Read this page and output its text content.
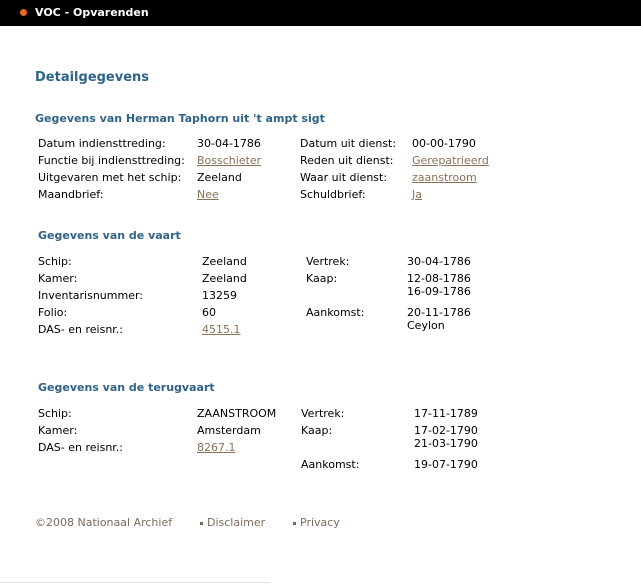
VOC - Opvarenden
Detailgegevens
Gegevens van Herman Taphorn uit 't ampt sigt
Datum indiensttreding:	30-04-1786	Datum uit dienst: 00-00-1790
Functie bij indiensttreding: Bosschieter	Reden uit dienst: Gerepatrieerd
Uitgevaren met het schip: Zeeland	Waar uit dienst: zaanstroom
Maandbrief:	Nee	Schuldbrief:	Ja
Gegevens van de vaart
Schip:	Zeeland	Vertrek:	30-04-1786
Kamer:	Zeeland	Kaap:	12-08-1786
16-09-1786
Inventarisnummer:	13259
Folio:	60	Aankomst:	20-11-1786
Ceylon
DAS- en reisnr.:	4515.1
Gegevens van de terugvaart
Schip:	ZAANSTROOM Vertrek:	17-11-1789
Kamer:	Amsterdam	Kaap:	17-02-1790
21-03-1790
DAS- en reisnr.:	8267.1
Aankomst:	19-07-1790
©2008 Nationaal Archief	Disclaimer	Privacy
